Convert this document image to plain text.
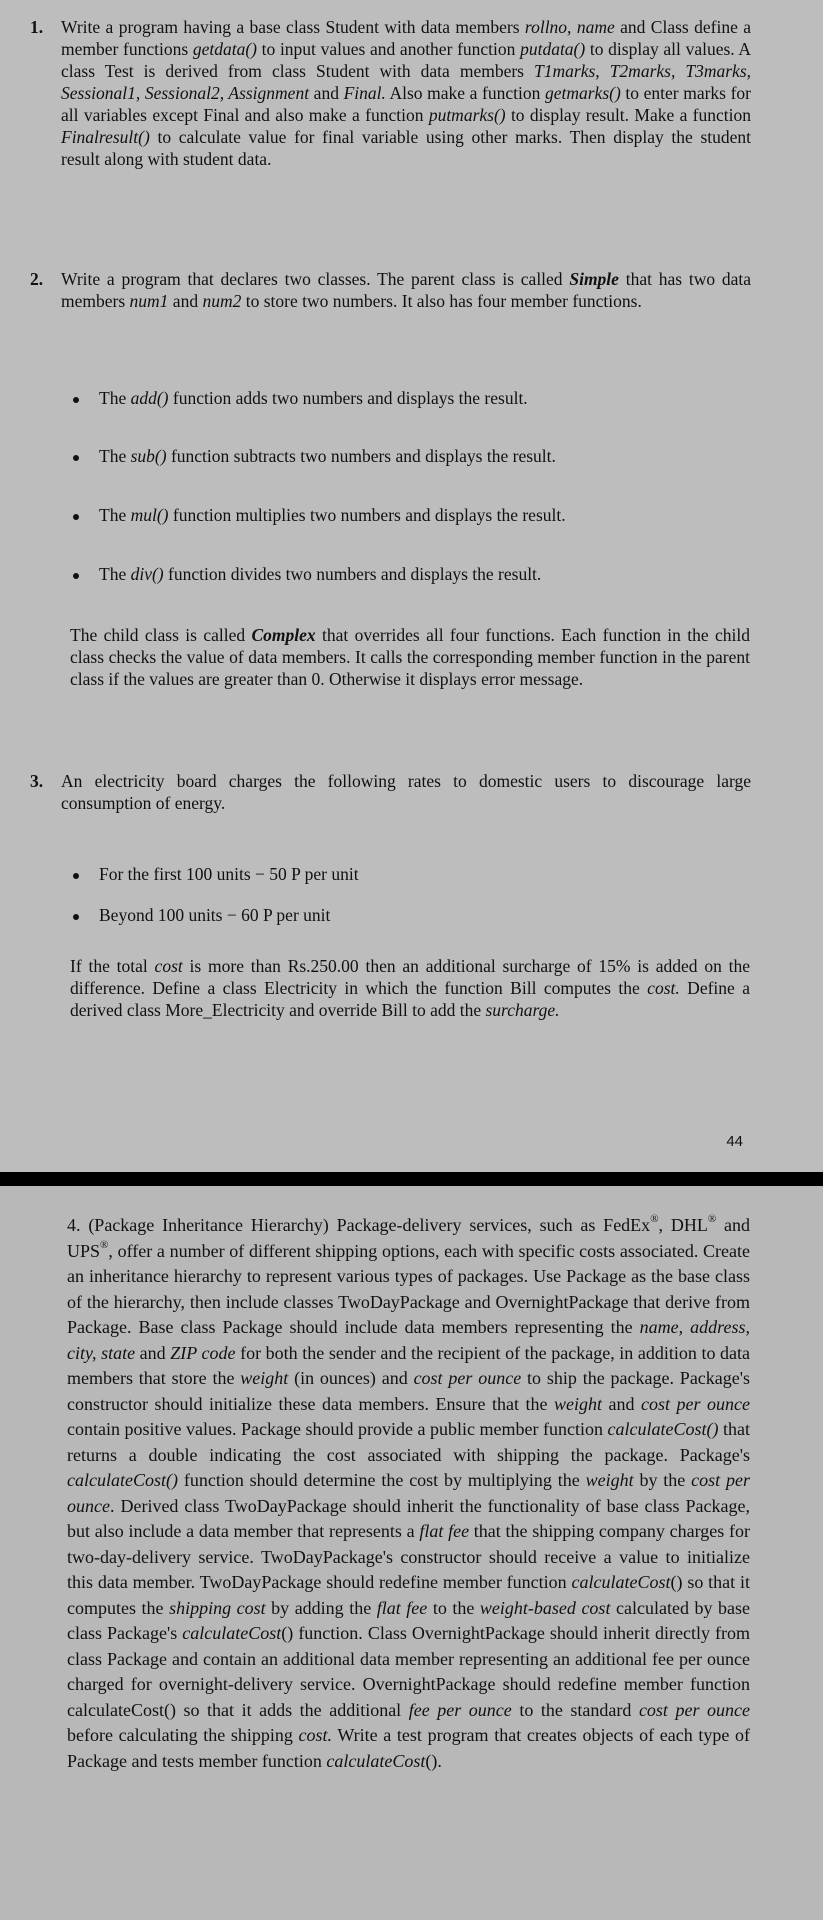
1. Write a program having a base class Student with data members rollno, name and Class define a member functions getdata() to input values and another function putdata() to display all values. A class Test is derived from class Student with data members T1marks, T2marks, T3marks, Sessional1, Sessional2, Assignment and Final. Also make a function getmarks() to enter marks for all variables except Final and also make a function putmarks() to display result. Make a function Finalresult() to calculate value for final variable using other marks. Then display the student result along with student data.

2. Write a program that declares two classes. The parent class is called Simple that has two data members num1 and num2 to store two numbers. It also has four member functions.

The add() function adds two numbers and displays the result.
The sub() function subtracts two numbers and displays the result.
The mul() function multiplies two numbers and displays the result.
The div() function divides two numbers and displays the result.

The child class is called Complex that overrides all four functions. Each function in the child class checks the value of data members. It calls the corresponding member function in the parent class if the values are greater than 0. Otherwise it displays error message.

3. An electricity board charges the following rates to domestic users to discourage large consumption of energy.

For the first 100 units − 50 P per unit
Beyond 100 units − 60 P per unit

If the total cost is more than Rs.250.00 then an additional surcharge of 15% is added on the difference. Define a class Electricity in which the function Bill computes the cost. Define a derived class More_Electricity and override Bill to add the surcharge.

44

4. (Package Inheritance Hierarchy) Package-delivery services, such as FedEx®, DHL® and UPS®, offer a number of different shipping options, each with specific costs associated. Create an inheritance hierarchy to represent various types of packages. Use Package as the base class of the hierarchy, then include classes TwoDayPackage and OvernightPackage that derive from Package. Base class Package should include data members representing the name, address, city, state and ZIP code for both the sender and the recipient of the package, in addition to data members that store the weight (in ounces) and cost per ounce to ship the package. Package's constructor should initialize these data members. Ensure that the weight and cost per ounce contain positive values. Package should provide a public member function calculateCost() that returns a double indicating the cost associated with shipping the package. Package's calculateCost() function should determine the cost by multiplying the weight by the cost per ounce. Derived class TwoDayPackage should inherit the functionality of base class Package, but also include a data member that represents a flat fee that the shipping company charges for two-day-delivery service. TwoDayPackage's constructor should receive a value to initialize this data member. TwoDayPackage should redefine member function calculateCost() so that it computes the shipping cost by adding the flat fee to the weight-based cost calculated by base class Package's calculateCost() function. Class OvernightPackage should inherit directly from class Package and contain an additional data member representing an additional fee per ounce charged for overnight-delivery service. OvernightPackage should redefine member function calculateCost() so that it adds the additional fee per ounce to the standard cost per ounce before calculating the shipping cost. Write a test program that creates objects of each type of Package and tests member function calculateCost().
